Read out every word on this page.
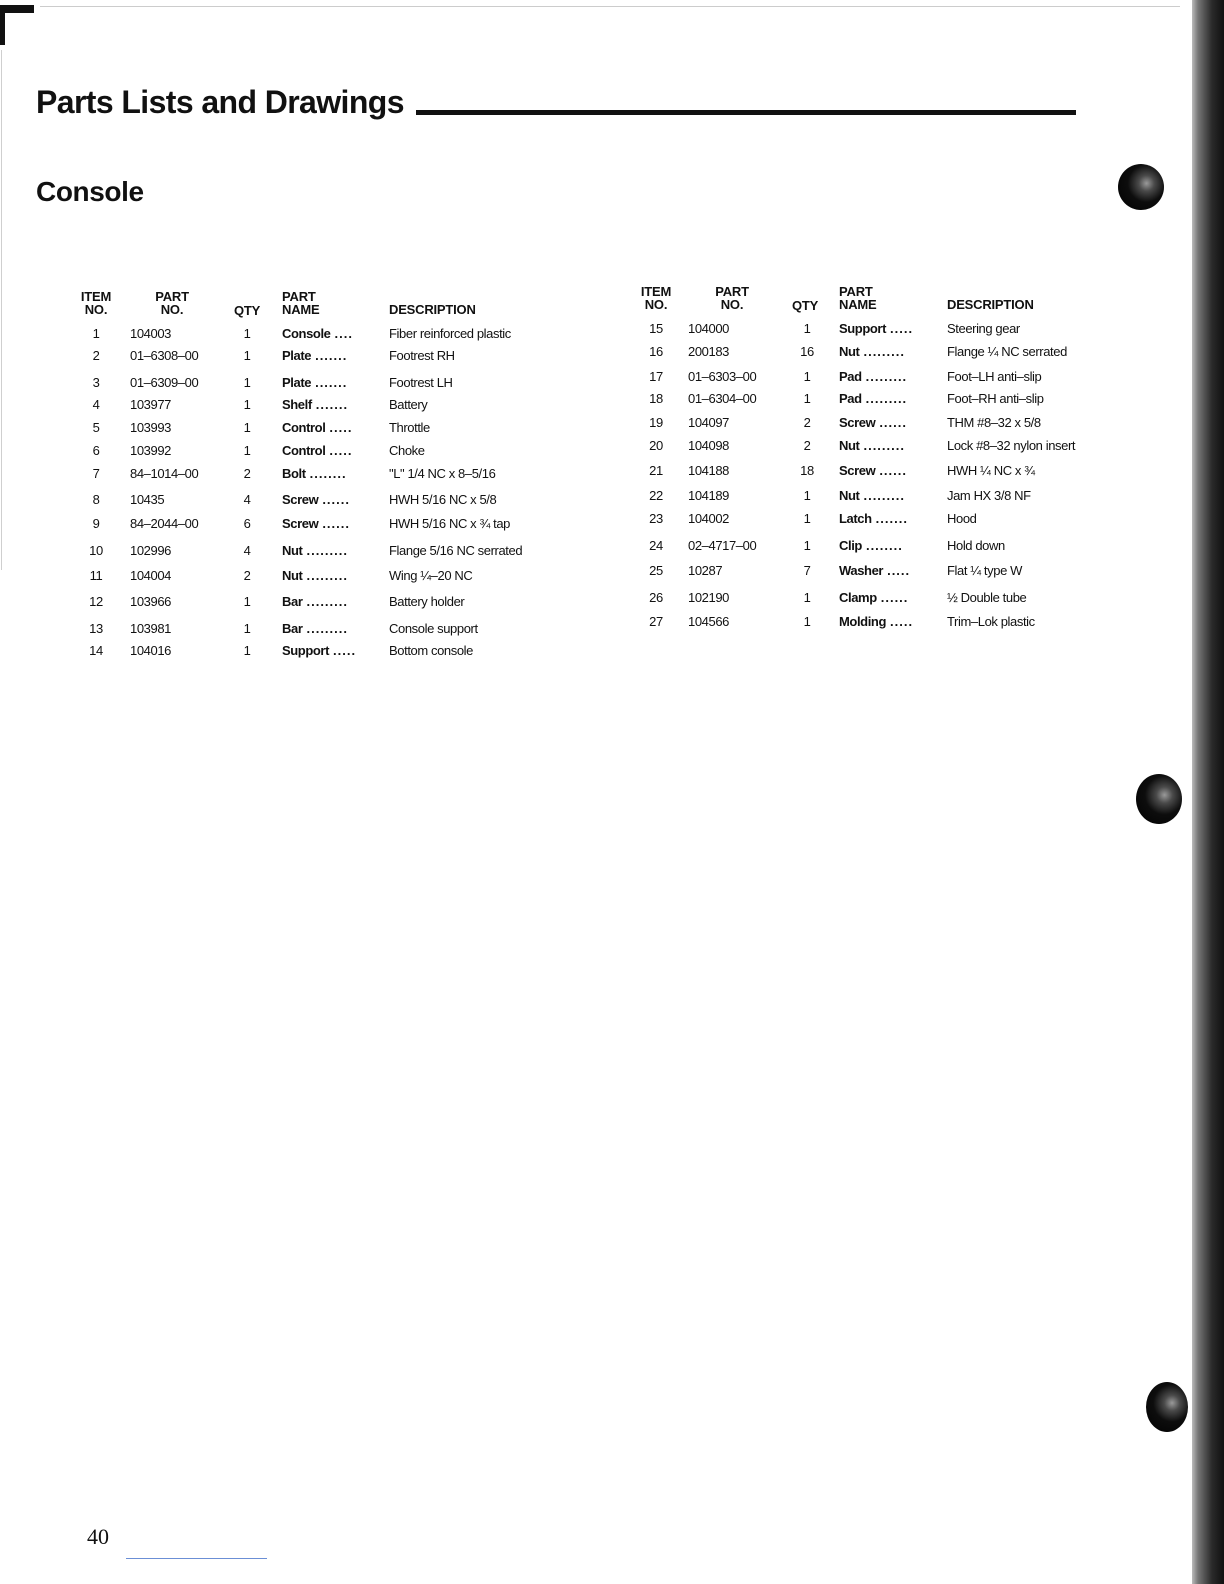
Parts Lists and Drawings
Console
ITEM
NO.
PART
NO.	QTY
PART
NAME	DESCRIPTION
1	104003	1	Console ....	Fiber reinforced plastic
2	01–6308–00	1	Plate .......	Footrest RH
3	01–6309–00	1	Plate .......	Footrest LH
4	103977	1	Shelf .......	Battery
5	103993	1	Control .....	Throttle
6	103992	1	Control .....	Choke
7	84–1014–00	2	Bolt ........	"L" 1/4 NC x 8–5/16
8	10435	4	Screw ......	HWH 5/16 NC x 5/8
9	84–2044–00	6	Screw ......	HWH 5/16 NC x ¾ tap
10	102996	4	Nut .........	Flange 5/16 NC serrated
11	104004	2	Nut .........	Wing ¼–20 NC
12	103966	1	Bar .........	Battery holder
13	103981	1	Bar .........	Console support
14	104016	1	Support .....	Bottom console
ITEM
NO.
PART
NO.	QTY
PART
NAME	DESCRIPTION
15	104000	1	Support .....	Steering gear
16	200183	16 Nut .........	Flange ¼ NC serrated
17	01–6303–00	1	Pad .........	Foot–LH anti–slip
18	01–6304–00	1	Pad .........	Foot–RH anti–slip
19	104097	2	Screw ......	THM #8–32 x 5/8
20	104098	2	Nut .........	Lock #8–32 nylon insert
21	104188	18 Screw ......	HWH ¼ NC x ¾
22	104189	1	Nut .........	Jam HX 3/8 NF
23	104002	1	Latch .......	Hood
24	02–4717–00	1	Clip ........	Hold down
25	10287	7	Washer .....	Flat ¼ type W
26	102190	1	Clamp ......	½ Double tube
27	104566	1	Molding .....	Trim–Lok plastic
40
